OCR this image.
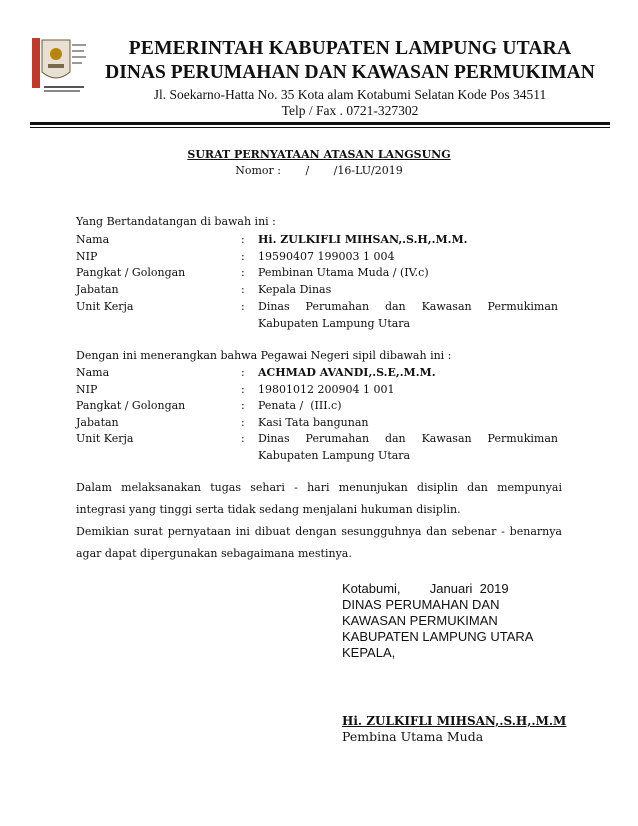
PEMERINTAH KABUPATEN LAMPUNG UTARA
DINAS PERUMAHAN DAN KAWASAN PERMUKIMAN
Jl. Soekarno-Hatta No. 35 Kota alam Kotabumi Selatan Kode Pos 34511
Telp / Fax . 0721-327302
SURAT PERNYATAAN ATASAN LANGSUNG
Nomor :       /       /16-LU/2019
Yang Bertandatangan di bawah ini :
Nama	: Hi. ZULKIFLI MIHSAN,.S.H,.M.M.
NIP	: 19590407 199003 1 004
Pangkat / Golongan	: Pembinan Utama Muda / (IV.c)
Jabatan	: Kepala Dinas
Unit Kerja	: Dinas Perumahan dan Kawasan Permukiman
Kabupaten Lampung Utara
Dengan ini menerangkan bahwa Pegawai Negeri sipil dibawah ini :
Nama	: ACHMAD AVANDI,.S.E,.M.M.
NIP	: 19801012 200904 1 001
Pangkat / Golongan	: Penata /  (III.c)
Jabatan	: Kasi Tata bangunan
Unit Kerja	: Dinas Perumahan dan Kawasan Permukiman
Kabupaten Lampung Utara
Dalam melaksanakan tugas sehari - hari menunjukan disiplin dan mempunyai integrasi yang tinggi serta tidak sedang menjalani hukuman disiplin.
Demikian surat pernyataan ini dibuat dengan sesungguhnya dan sebenar - benarnya agar dapat dipergunakan sebagaimana mestinya.
Kotabumi, Januari  2019
DINAS PERUMAHAN DAN
KAWASAN PERMUKIMAN
KABUPATEN LAMPUNG UTARA
KEPALA,
Hi. ZULKIFLI MIHSAN,.S.H,.M.M
Pembina Utama Muda
